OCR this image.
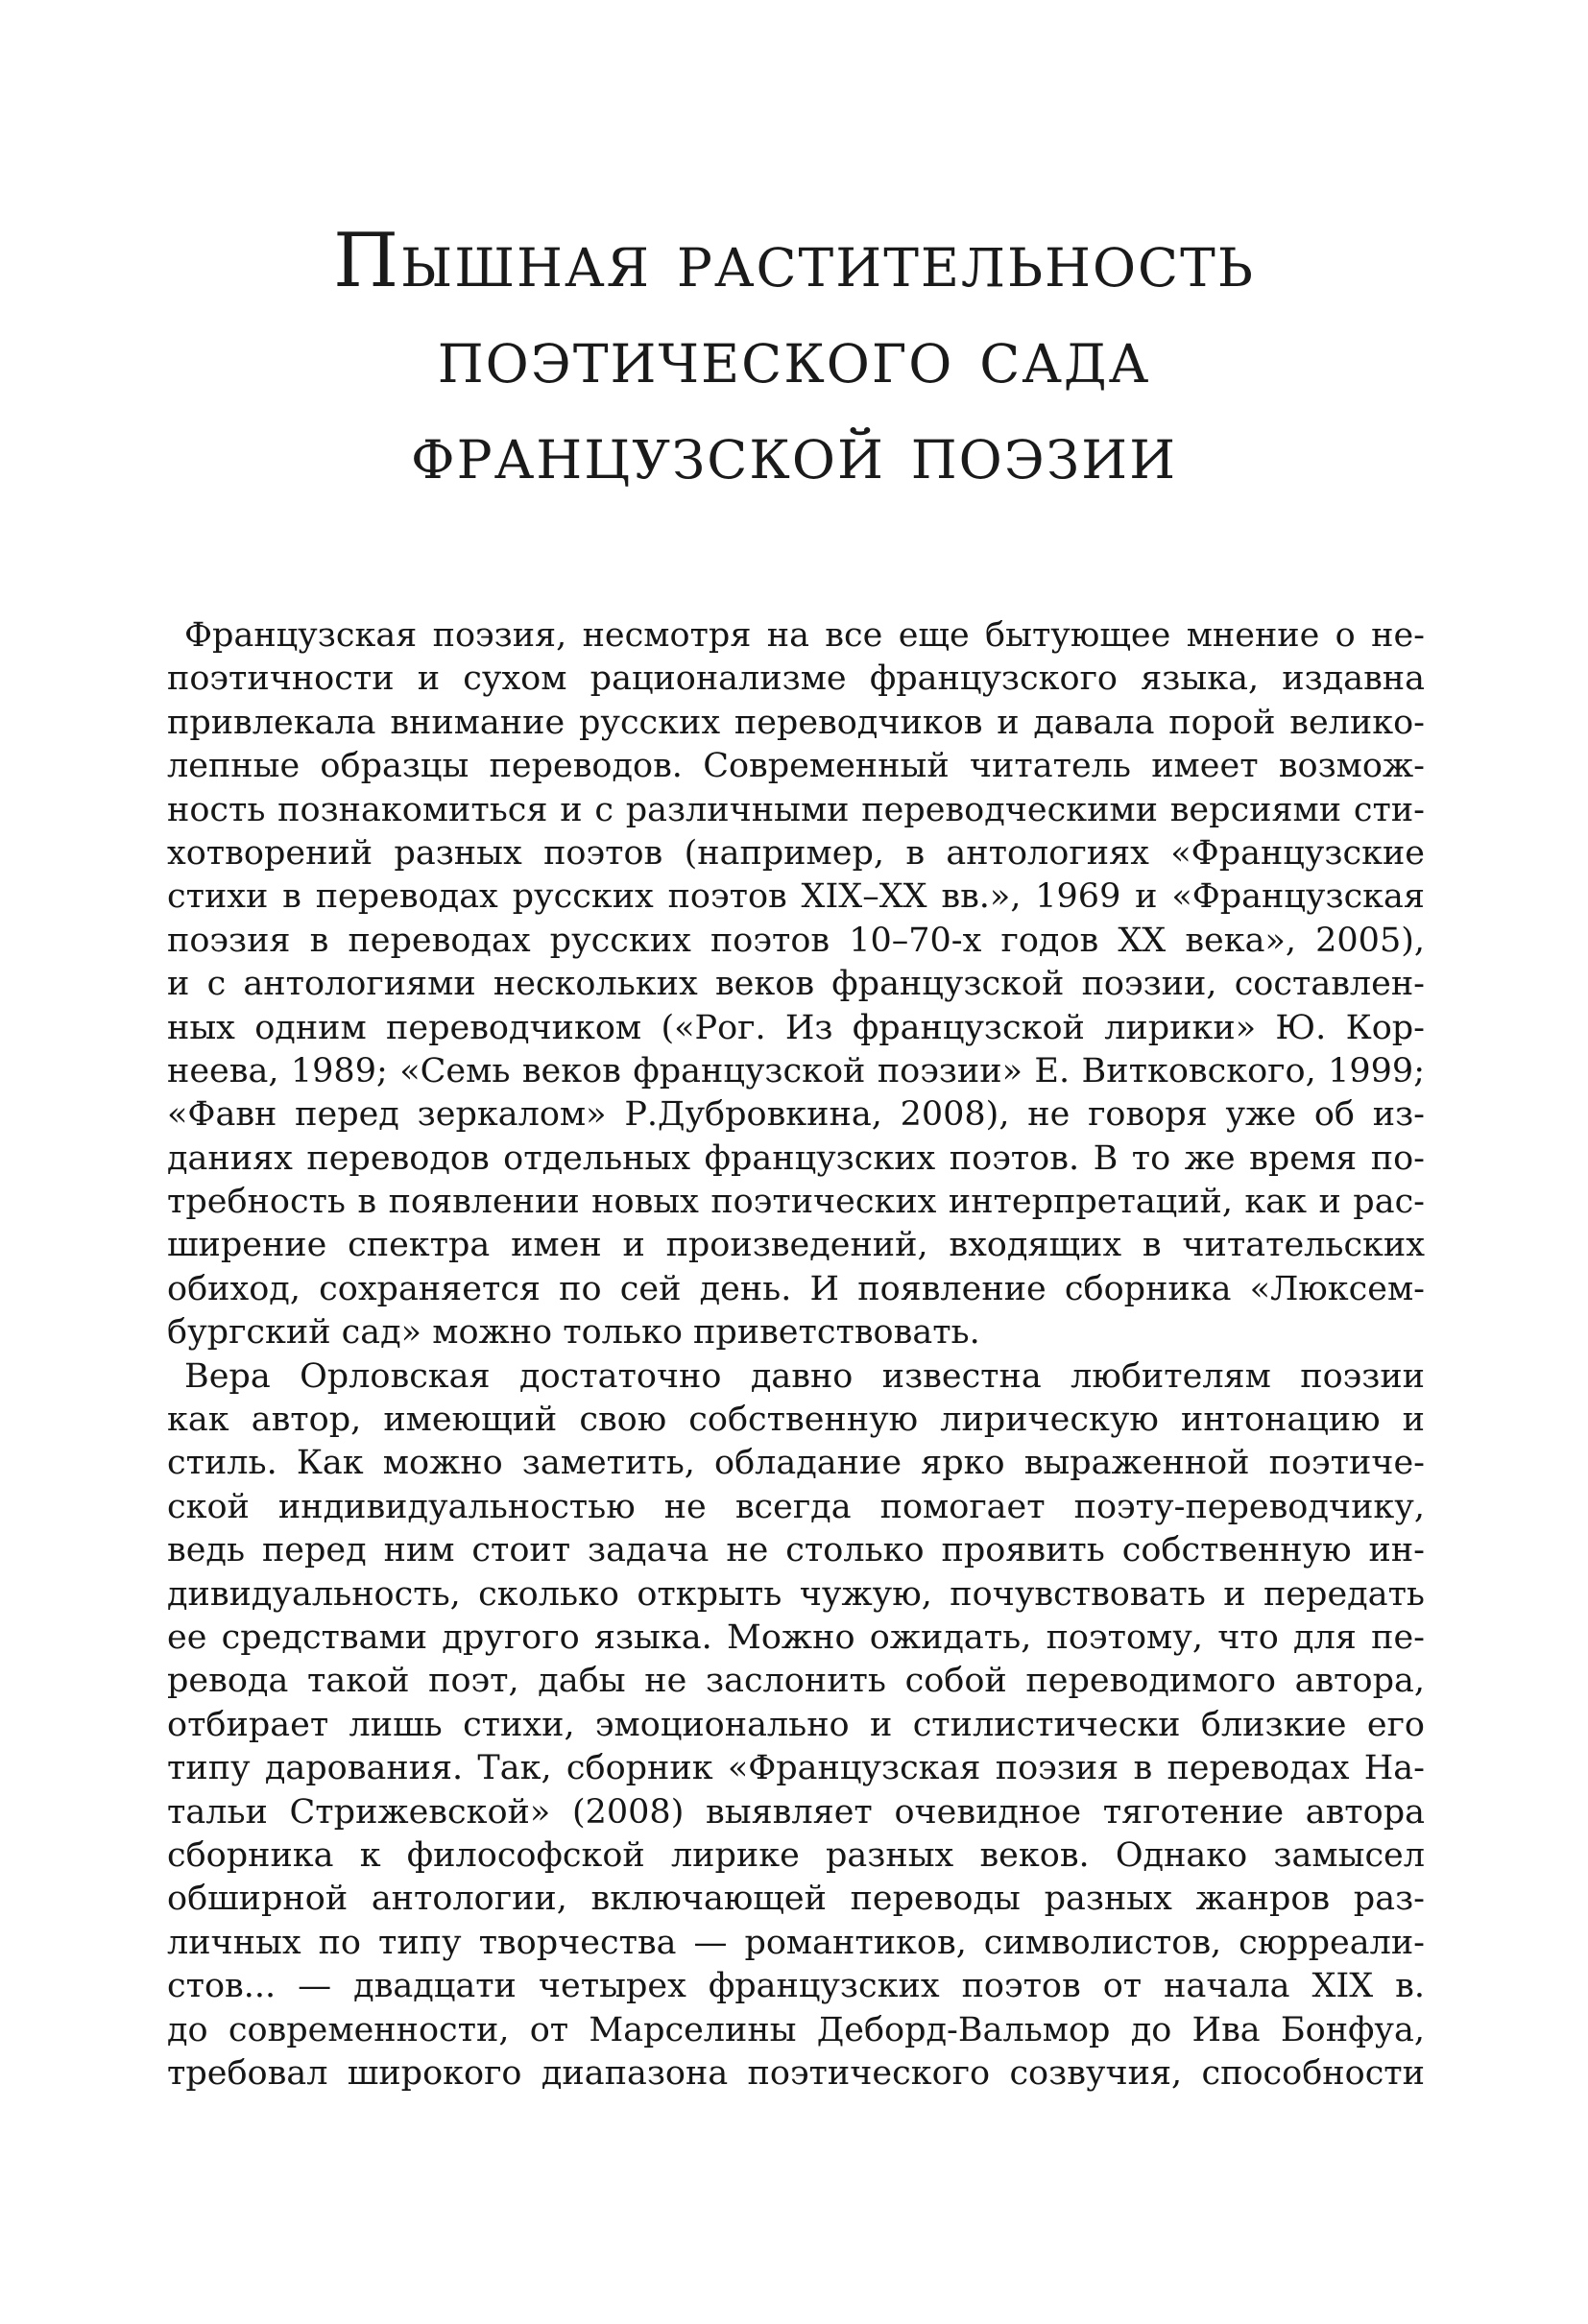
Пышная растительность
поэтического сада
французской поэзии

Французская поэзия, несмотря на все еще бытующее мнение о не-
поэтичности и сухом рационализме французского языка, издавна
привлекала внимание русских переводчиков и давала порой велико-
лепные образцы переводов. Современный читатель имеет возмож-
ность познакомиться и с различными переводческими версиями сти-
хотворений разных поэтов (например, в антологиях «Французские
стихи в переводах русских поэтов XIX–XX вв.», 1969 и «Французская
поэзия в переводах русских поэтов 10–70-х годов XX века», 2005),
и с антологиями нескольких веков французской поэзии, составлен-
ных одним переводчиком («Рог. Из французской лирики» Ю. Кор-
неева, 1989; «Семь веков французской поэзии» Е. Витковского, 1999;
«Фавн перед зеркалом» Р.Дубровкина, 2008), не говоря уже об из-
даниях переводов отдельных французских поэтов. В то же время по-
требность в появлении новых поэтических интерпретаций, как и рас-
ширение спектра имен и произведений, входящих в читательских
обиход, сохраняется по сей день. И появление сборника «Люксем-
бургский сад» можно только приветствовать.

Вера Орловская достаточно давно известна любителям поэзии
как автор, имеющий свою собственную лирическую интонацию и
стиль. Как можно заметить, обладание ярко выраженной поэтиче-
ской индивидуальностью не всегда помогает поэту-переводчику,
ведь перед ним стоит задача не столько проявить собственную ин-
дивидуальность, сколько открыть чужую, почувствовать и передать
ее средствами другого языка. Можно ожидать, поэтому, что для пе-
ревода такой поэт, дабы не заслонить собой переводимого автора,
отбирает лишь стихи, эмоционально и стилистически близкие его
типу дарования. Так, сборник «Французская поэзия в переводах На-
тальи Стрижевской» (2008) выявляет очевидное тяготение автора
сборника к философской лирике разных веков. Однако замысел
обширной антологии, включающей переводы разных жанров раз-
личных по типу творчества — романтиков, символистов, сюрреали-
стов... — двадцати четырех французских поэтов от начала XIX в.
до современности, от Марселины Деборд-Вальмор до Ива Бонфуа,
требовал широкого диапазона поэтического созвучия, способности
